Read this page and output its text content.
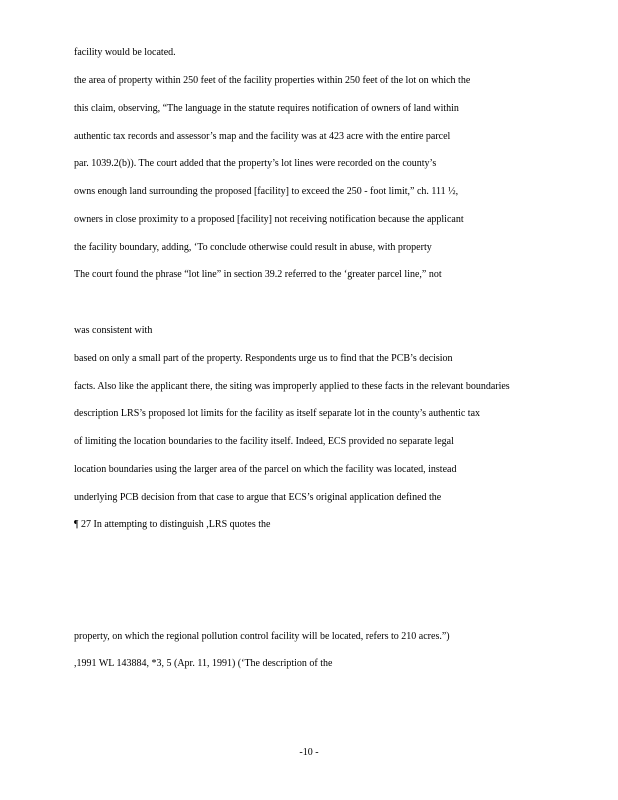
facility would be located.
the area of property within 250 feet of the facility properties within 250 feet of the lot on which the
this claim, observing, “The language in the statute requires notification of owners of land within
authentic tax records and assessor’s map and the facility was at 423 acre with the entire parcel
par. 1039.2(b)). The court added that the property’s lot lines were recorded on the county’s
owns enough land surrounding the proposed [facility] to exceed the 250 - foot limit,” ch. 111 ½,
owners in close proximity to a proposed [facility] not receiving notification because the applicant
the facility boundary, adding, ‘To conclude otherwise could result in abuse, with property
The court found the phrase “lot line” in section 39.2 referred to the ‘greater parcel line,” not
was consistent with
based on only a small part of the property. Respondents urge us to find that the PCB’s decision
facts. Also like the applicant there, the siting was improperly applied to these facts in the relevant boundaries
description LRS’s proposed lot limits for the facility as itself separate lot in the county’s authentic tax
of limiting the location boundaries to the facility itself. Indeed, ECS provided no separate legal
location boundaries using the larger area of the parcel on which the facility was located, instead
underlying PCB decision from that case to argue that ECS’s original application defined the
¶ 27 In attempting to distinguish ,LRS quotes the
property, on which the regional pollution control facility will be located, refers to 210 acres.”)
,1991 WL 143884, *3, 5 (Apr. 11, 1991) (‘The description of the
-10 -
